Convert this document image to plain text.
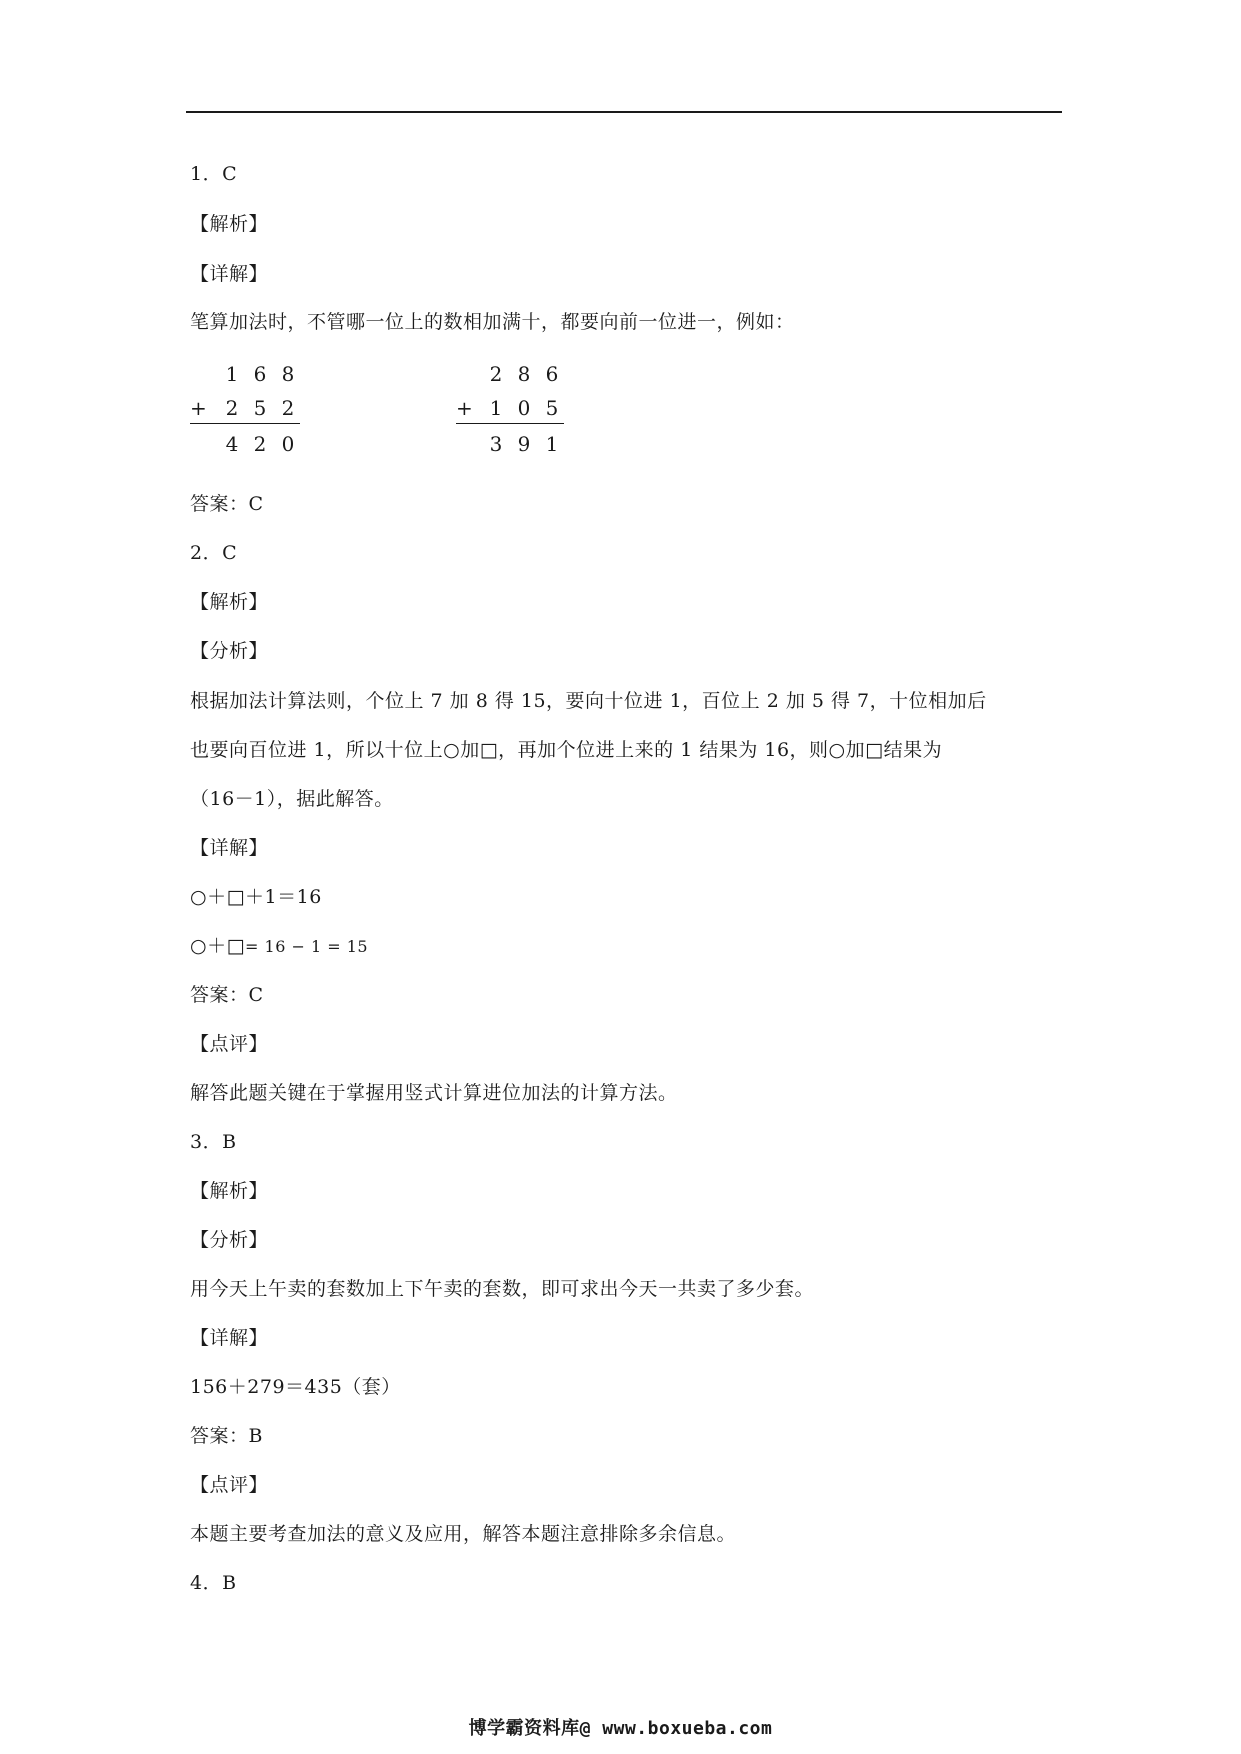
1．C
【解析】
【详解】
笔算加法时，不管哪一位上的数相加满十，都要向前一位进一，例如：
1 6 8
+ 2 5 2
4 2 0
2 8 6
+ 1 0 5
3 9 1
答案：C
2．C
【解析】
【分析】
根据加法计算法则，个位上 7 加 8 得 15，要向十位进 1，百位上 2 加 5 得 7，十位相加后
也要向百位进 1，所以十位上○加□，再加个位进上来的 1 结果为 16，则○加□结果为
（16－1），据此解答。
【详解】
○＋□＋1＝16
○＋□= 16 − 1 = 15
答案：C
【点评】
解答此题关键在于掌握用竖式计算进位加法的计算方法。
3．B
【解析】
【分析】
用今天上午卖的套数加上下午卖的套数，即可求出今天一共卖了多少套。
【详解】
156＋279＝435（套）
答案：B
【点评】
本题主要考查加法的意义及应用，解答本题注意排除多余信息。
4．B
博学霸资料库@ www.boxueba.com
